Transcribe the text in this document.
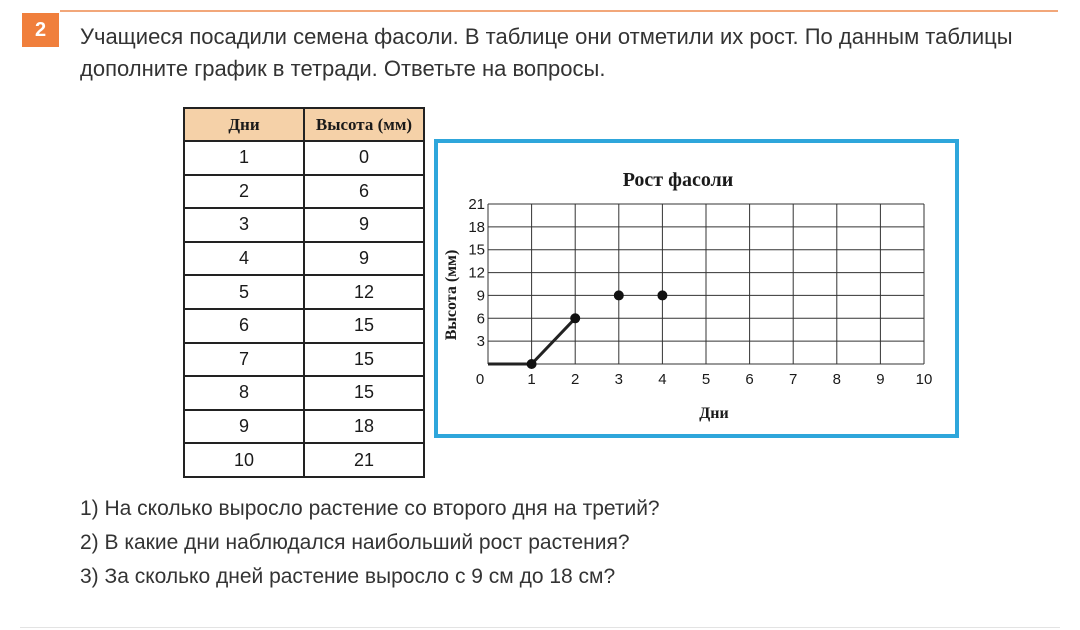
2	Учащиеся посадили семена фасоли. В таблице они отметили их рост. По данным таблицы дополните график в тетради. Ответьте на вопросы.

Дни	Высота (мм)
1	0
2	6
3	9
4	9
5	12
6	15
7	15
8	15
9	18
10	21
Рост фасоли
Дни
Высота (мм)
3
6
9
12
15
18
21
0	1 2 3 4 5 6 7 8 9 10

1) На сколько выросло растение со второго дня на третий?

2) В какие дни наблюдался наибольший рост растения?

3) За сколько дней растение выросло с 9 см до 18 см?
